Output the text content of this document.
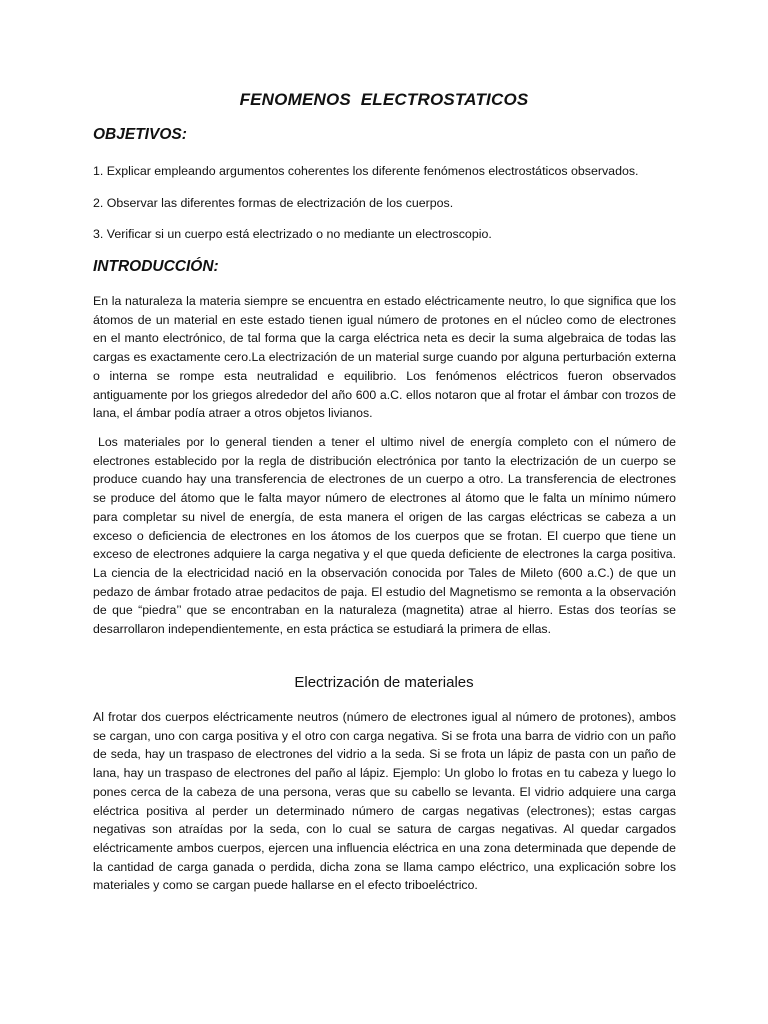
FENOMENOS  ELECTROSTATICOS
OBJETIVOS:
1. Explicar empleando argumentos coherentes los diferente fenómenos electrostáticos observados.
2. Observar las diferentes formas de electrización de los cuerpos.
3. Verificar si un cuerpo está electrizado o no mediante un electroscopio.
INTRODUCCIÓN:
En la naturaleza la materia siempre se encuentra en estado eléctricamente neutro, lo que significa que los átomos de un material en este estado tienen igual número de protones en el núcleo como de electrones en el manto electrónico, de tal forma que la carga eléctrica neta es decir la suma algebraica de todas las cargas es exactamente cero.La electrización de un material surge cuando por alguna perturbación externa o interna se rompe esta neutralidad e equilibrio. Los fenómenos eléctricos fueron observados antiguamente por los griegos alrededor del año 600 a.C. ellos notaron que al frotar el ámbar con trozos de lana, el ámbar podía atraer a otros objetos livianos.
Los materiales por lo general tienden a tener el ultimo nivel de energía completo con el número de electrones establecido por la regla de distribución electrónica por tanto la electrización de un cuerpo se produce cuando hay una transferencia de electrones de un cuerpo a otro. La transferencia de electrones se produce del átomo que le falta mayor número de electrones al átomo que le falta un mínimo número para completar su nivel de energía, de esta manera el origen de las cargas eléctricas se cabeza a un exceso o deficiencia de electrones en los átomos de los cuerpos que se frotan. El cuerpo que tiene un exceso de electrones adquiere la carga negativa y el que queda deficiente de electrones la carga positiva. La ciencia de la electricidad nació en la observación conocida por Tales de Mileto (600 a.C.) de que un pedazo de ámbar frotado atrae pedacitos de paja. El estudio del Magnetismo se remonta a la observación de que “piedra’’ que se encontraban en la naturaleza (magnetita) atrae al hierro. Estas dos teorías se desarrollaron independientemente, en esta práctica se estudiará la primera de ellas.
Electrización de materiales
Al frotar dos cuerpos eléctricamente neutros (número de electrones igual al número de protones), ambos se cargan, uno con carga positiva y el otro con carga negativa. Si se frota una barra de vidrio con un paño de seda, hay un traspaso de electrones del vidrio a la seda. Si se frota un lápiz de pasta con un paño de lana, hay un traspaso de electrones del paño al lápiz. Ejemplo: Un globo lo frotas en tu cabeza y luego lo pones cerca de la cabeza de una persona, veras que su cabello se levanta. El vidrio adquiere una carga eléctrica positiva al perder un determinado número de cargas negativas (electrones); estas cargas negativas son atraídas por la seda, con lo cual se satura de cargas negativas. Al quedar cargados eléctricamente ambos cuerpos, ejercen una influencia eléctrica en una zona determinada que depende de la cantidad de carga ganada o perdida, dicha zona se llama campo eléctrico, una explicación sobre los materiales y como se cargan puede hallarse en el efecto triboeléctrico.
